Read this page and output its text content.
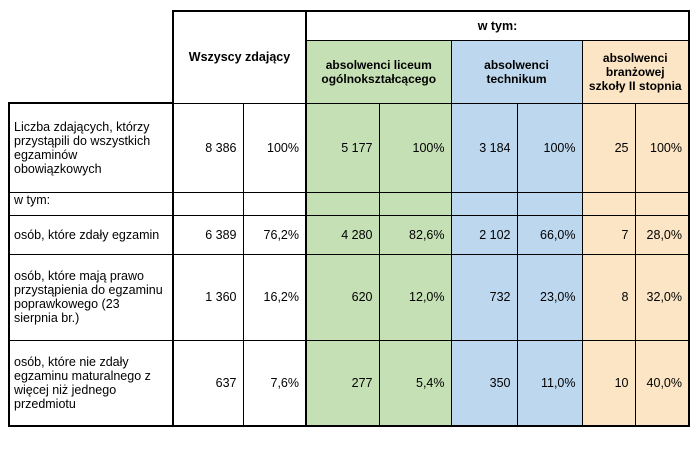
	Wszyscy zdający		w tym:					
			absolwenci liceum ogólnokształcącego		absolwenci technikum		absolwenci branżowej szkoły II stopnia	
Liczba zdających, którzy przystąpili do wszystkich egzaminów obowiązkowych	8 386	100%	5 177	100%	3 184	100%	25	100%
w tym:								
osób, które zdały egzamin	6 389	76,2%	4 280	82,6%	2 102	66,0%	7	28,0%
osób, które mają prawo przystąpienia do egzaminu poprawkowego (23 sierpnia br.)	1 360	16,2%	620	12,0%	732	23,0%	8	32,0%
osób, które nie zdały egzaminu maturalnego z więcej niż jednego przedmiotu	637	7,6%	277	5,4%	350	11,0%	10	40,0%
